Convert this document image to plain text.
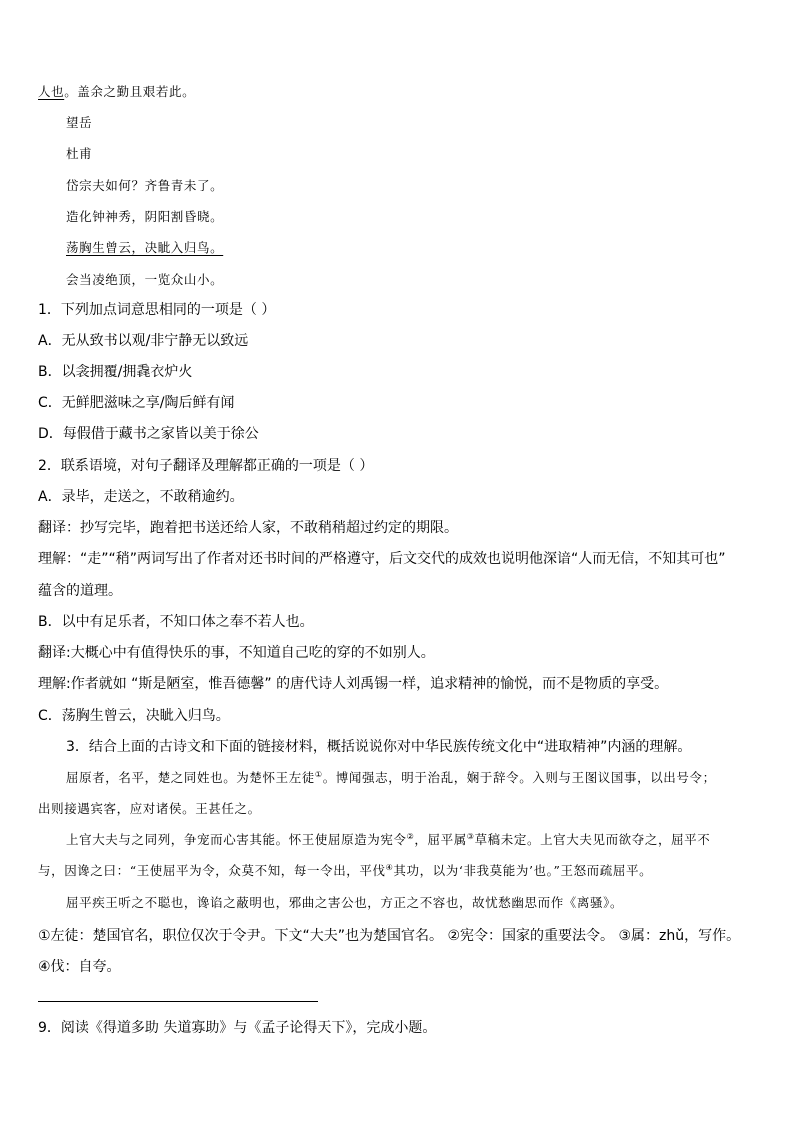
人也。盖余之勤且艰若此。
望岳
杜甫
岱宗夫如何？齐鲁青未了。
造化钟神秀，阴阳割昏晓。
荡胸生曾云，决眦入归鸟。
会当凌绝顶，一览众山小。
1．下列加点词意思相同的一项是（ ）
A．无从致书以观/非宁静无以致远
B．以衾拥覆/拥毳衣炉火
C．无鲜肥滋味之享/陶后鲜有闻
D．每假借于藏书之家皆以美于徐公
2．联系语境，对句子翻译及理解都正确的一项是（ ）
A．录毕，走送之，不敢稍逾约。
翻译：抄写完毕，跑着把书送还给人家，不敢稍稍超过约定的期限。
理解：“走”“稍”两词写出了作者对还书时间的严格遵守，后文交代的成效也说明他深谙“人而无信，不知其可也”
蕴含的道理。
B．以中有足乐者，不知口体之奉不若人也。
翻译:大概心中有值得快乐的事，不知道自己吃的穿的不如别人。
理解:作者就如 “斯是陋室，惟吾德馨” 的唐代诗人刘禹锡一样，追求精神的愉悦，而不是物质的享受。
C．荡胸生曾云，决眦入归鸟。
3．结合上面的古诗文和下面的链接材料，概括说说你对中华民族传统文化中“进取精神”内涵的理解。
屈原者，名平，楚之同姓也。为楚怀王左徒①。博闻强志，明于治乱，娴于辞令。入则与王图议国事，以出号令；
出则接遇宾客，应对诸侯。王甚任之。
上官大夫与之同列，争宠而心害其能。怀王使屈原造为宪令②，屈平属③草稿未定。上官大夫见而欲夺之，屈平不
与，因谗之曰：“王使屈平为令，众莫不知，每一令出，平伐④其功，以为‘非我莫能为’也。”王怒而疏屈平。
屈平疾王听之不聪也，谗谄之蔽明也，邪曲之害公也，方正之不容也，故忧愁幽思而作《离骚》。
①左徒：楚国官名，职位仅次于令尹。下文“大夫”也为楚国官名。 ②宪令：国家的重要法令。 ③属：zhǔ，写作。
④伐：自夸。
9．阅读《得道多助 失道寡助》与《孟子论得天下》，完成小题。
